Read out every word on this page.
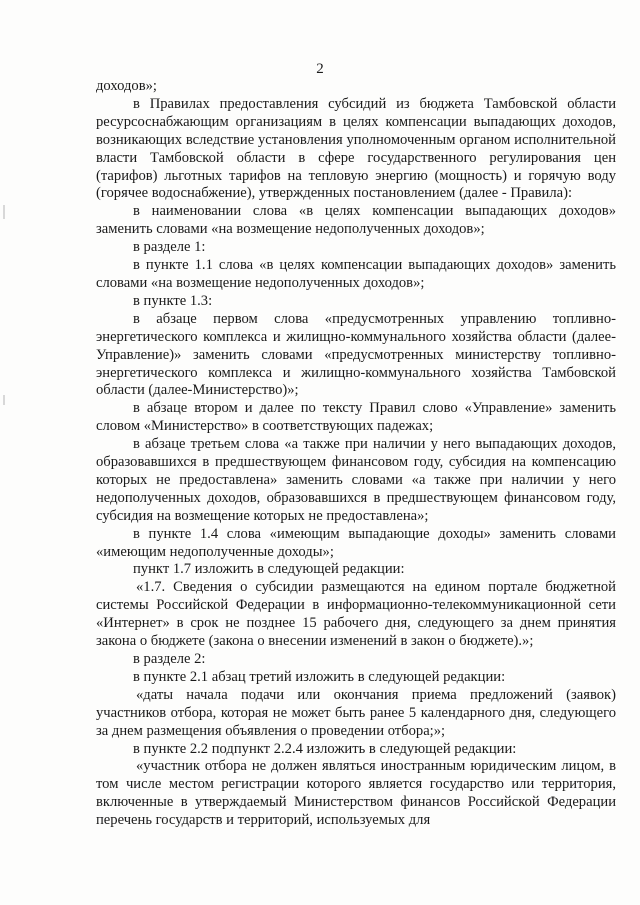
2

доходов»;

в Правилах предоставления субсидий из бюджета Тамбовской области ресурсоснабжающим организациям в целях компенсации выпадающих доходов, возникающих вследствие установления уполномоченным органом исполнительной власти Тамбовской области в сфере государственного регулирования цен (тарифов) льготных тарифов на тепловую энергию (мощность) и горячую воду (горячее водоснабжение), утвержденных постановлением (далее - Правила):

в наименовании слова «в целях компенсации выпадающих доходов» заменить словами «на возмещение недополученных доходов»;

в разделе 1:

в пункте 1.1 слова «в целях компенсации выпадающих доходов» заменить словами «на возмещение недополученных доходов»;

в пункте 1.3:

в абзаце первом слова «предусмотренных управлению топливно-энергетического комплекса и жилищно-коммунального хозяйства области (далее-Управление)» заменить словами «предусмотренных министерству топливно-энергетического комплекса и жилищно-коммунального хозяйства Тамбовской области (далее-Министерство)»;

в абзаце втором и далее по тексту Правил слово «Управление» заменить словом «Министерство» в соответствующих падежах;

в абзаце третьем слова «а также при наличии у него выпадающих доходов, образовавшихся в предшествующем финансовом году, субсидия на компенсацию которых не предоставлена» заменить словами «а также при наличии у него недополученных доходов, образовавшихся в предшествующем финансовом году, субсидия на возмещение которых не предоставлена»;

в пункте 1.4 слова «имеющим выпадающие доходы» заменить словами «имеющим недополученные доходы»;

пункт 1.7 изложить в следующей редакции:

«1.7. Сведения о субсидии размещаются на едином портале бюджетной системы Российской Федерации в информационно-телекоммуникационной сети «Интернет» в срок не позднее 15 рабочего дня, следующего за днем принятия закона о бюджете (закона о внесении изменений в закон о бюджете).»;

в разделе 2:

в пункте 2.1 абзац третий изложить в следующей редакции:

«даты начала подачи или окончания приема предложений (заявок) участников отбора, которая не может быть ранее 5 календарного дня, следующего за днем размещения объявления о проведении отбора;»;

в пункте 2.2 подпункт 2.2.4 изложить в следующей редакции:

«участник отбора не должен являться иностранным юридическим лицом, в том числе местом регистрации которого является государство или территория, включенные в утверждаемый Министерством финансов Российской Федерации перечень государств и территорий, используемых для
